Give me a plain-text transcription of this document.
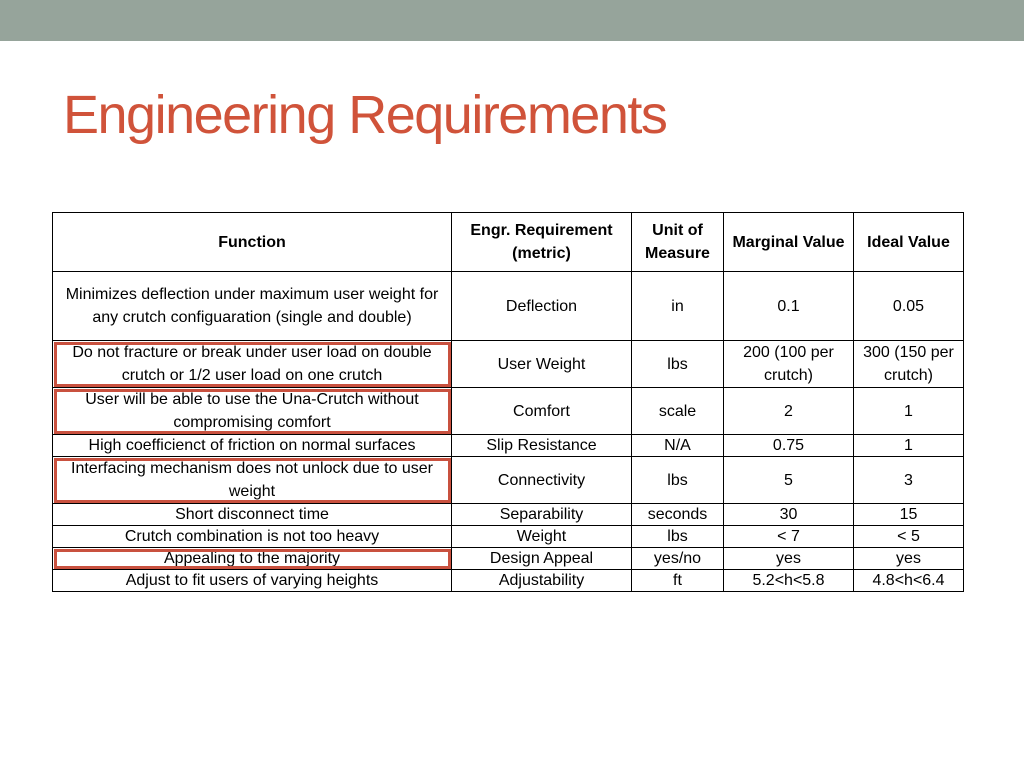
Engineering Requirements
Function	Engr. Requirement (metric)	Unit of Measure	Marginal Value	Ideal Value
Minimizes deflection under maximum user weight for any crutch configuaration (single and double)	Deflection	in	0.1	0.05
Do not fracture or break under user load on double crutch or 1/2 user load on one crutch	User Weight	lbs	200 (100 per crutch)	300 (150 per crutch)
User will be able to use the Una-Crutch without compromising comfort	Comfort	scale	2	1
High coefficienct of friction on normal surfaces	Slip Resistance	N/A	0.75	1
Interfacing mechanism does not unlock due to user weight	Connectivity	lbs	5	3
Short disconnect time	Separability	seconds	30	15
Crutch combination is not too heavy	Weight	lbs	< 7	< 5
Appealing to the majority	Design Appeal	yes/no	yes	yes
Adjust to fit users of varying heights	Adjustability	ft	5.2<h<5.8	4.8<h<6.4
